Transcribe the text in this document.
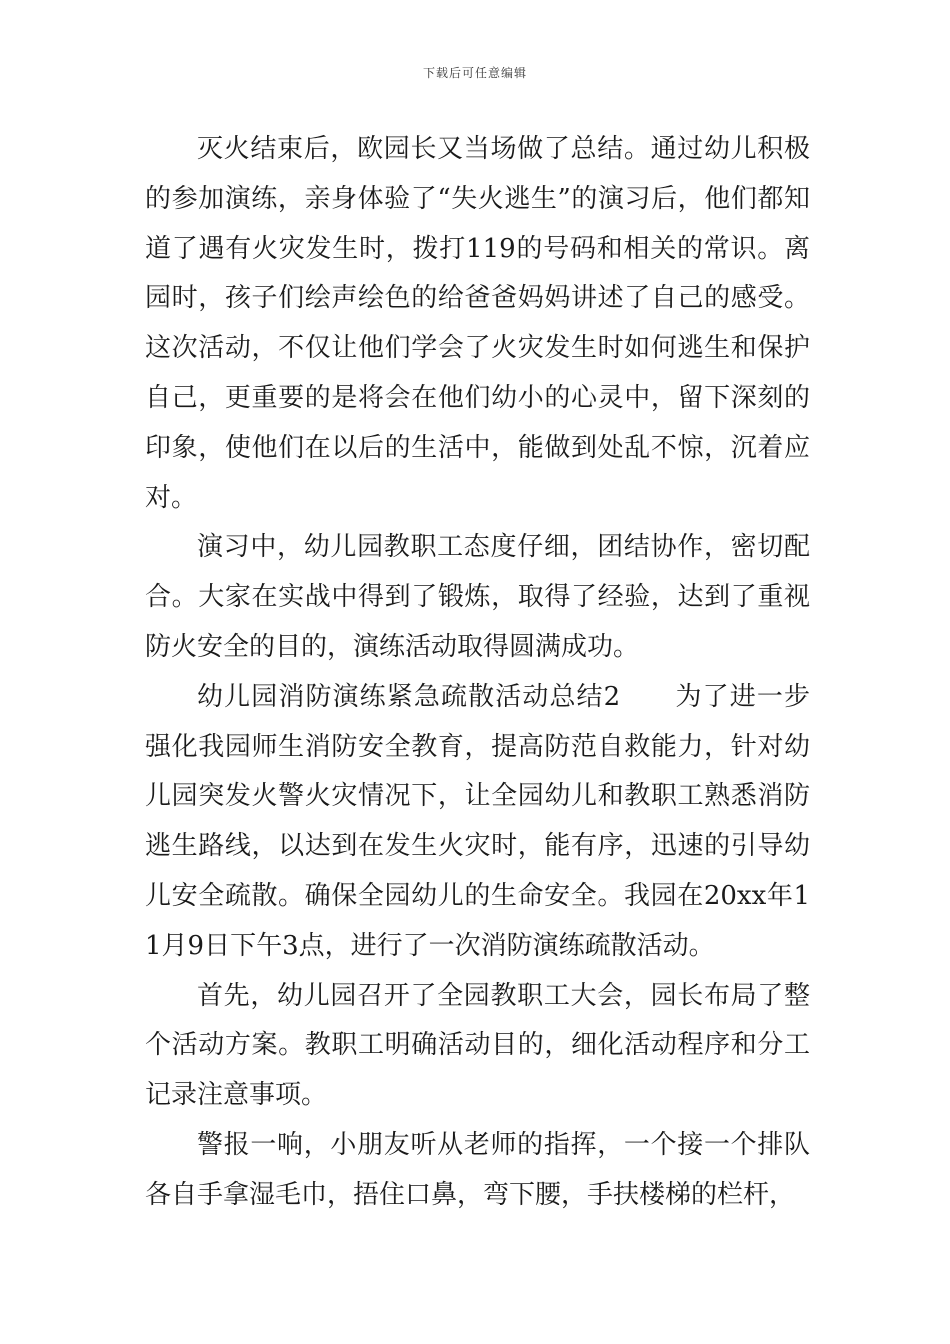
下载后可任意编辑

灭火结束后，欧园长又当场做了总结。通过幼儿积极的参加演练，亲身体验了“失火逃生”的演习后，他们都知道了遇有火灾发生时，拨打119的号码和相关的常识。离园时，孩子们绘声绘色的给爸爸妈妈讲述了自己的感受。这次活动，不仅让他们学会了火灾发生时如何逃生和保护自己，更重要的是将会在他们幼小的心灵中，留下深刻的印象，使他们在以后的生活中，能做到处乱不惊，沉着应对。

演习中，幼儿园教职工态度仔细，团结协作，密切配合。大家在实战中得到了锻炼，取得了经验，达到了重视防火安全的目的，演练活动取得圆满成功。

幼儿园消防演练紧急疏散活动总结2　　为了进一步强化我园师生消防安全教育，提高防范自救能力，针对幼儿园突发火警火灾情况下，让全园幼儿和教职工熟悉消防逃生路线，以达到在发生火灾时，能有序，迅速的引导幼儿安全疏散。确保全园幼儿的生命安全。我园在20xx年11月9日下午3点，进行了一次消防演练疏散活动。

首先，幼儿园召开了全园教职工大会，园长布局了整个活动方案。教职工明确活动目的，细化活动程序和分工记录注意事项。

警报一响，小朋友听从老师的指挥，一个接一个排队各自手拿湿毛巾，捂住口鼻，弯下腰，手扶楼梯的栏杆，
